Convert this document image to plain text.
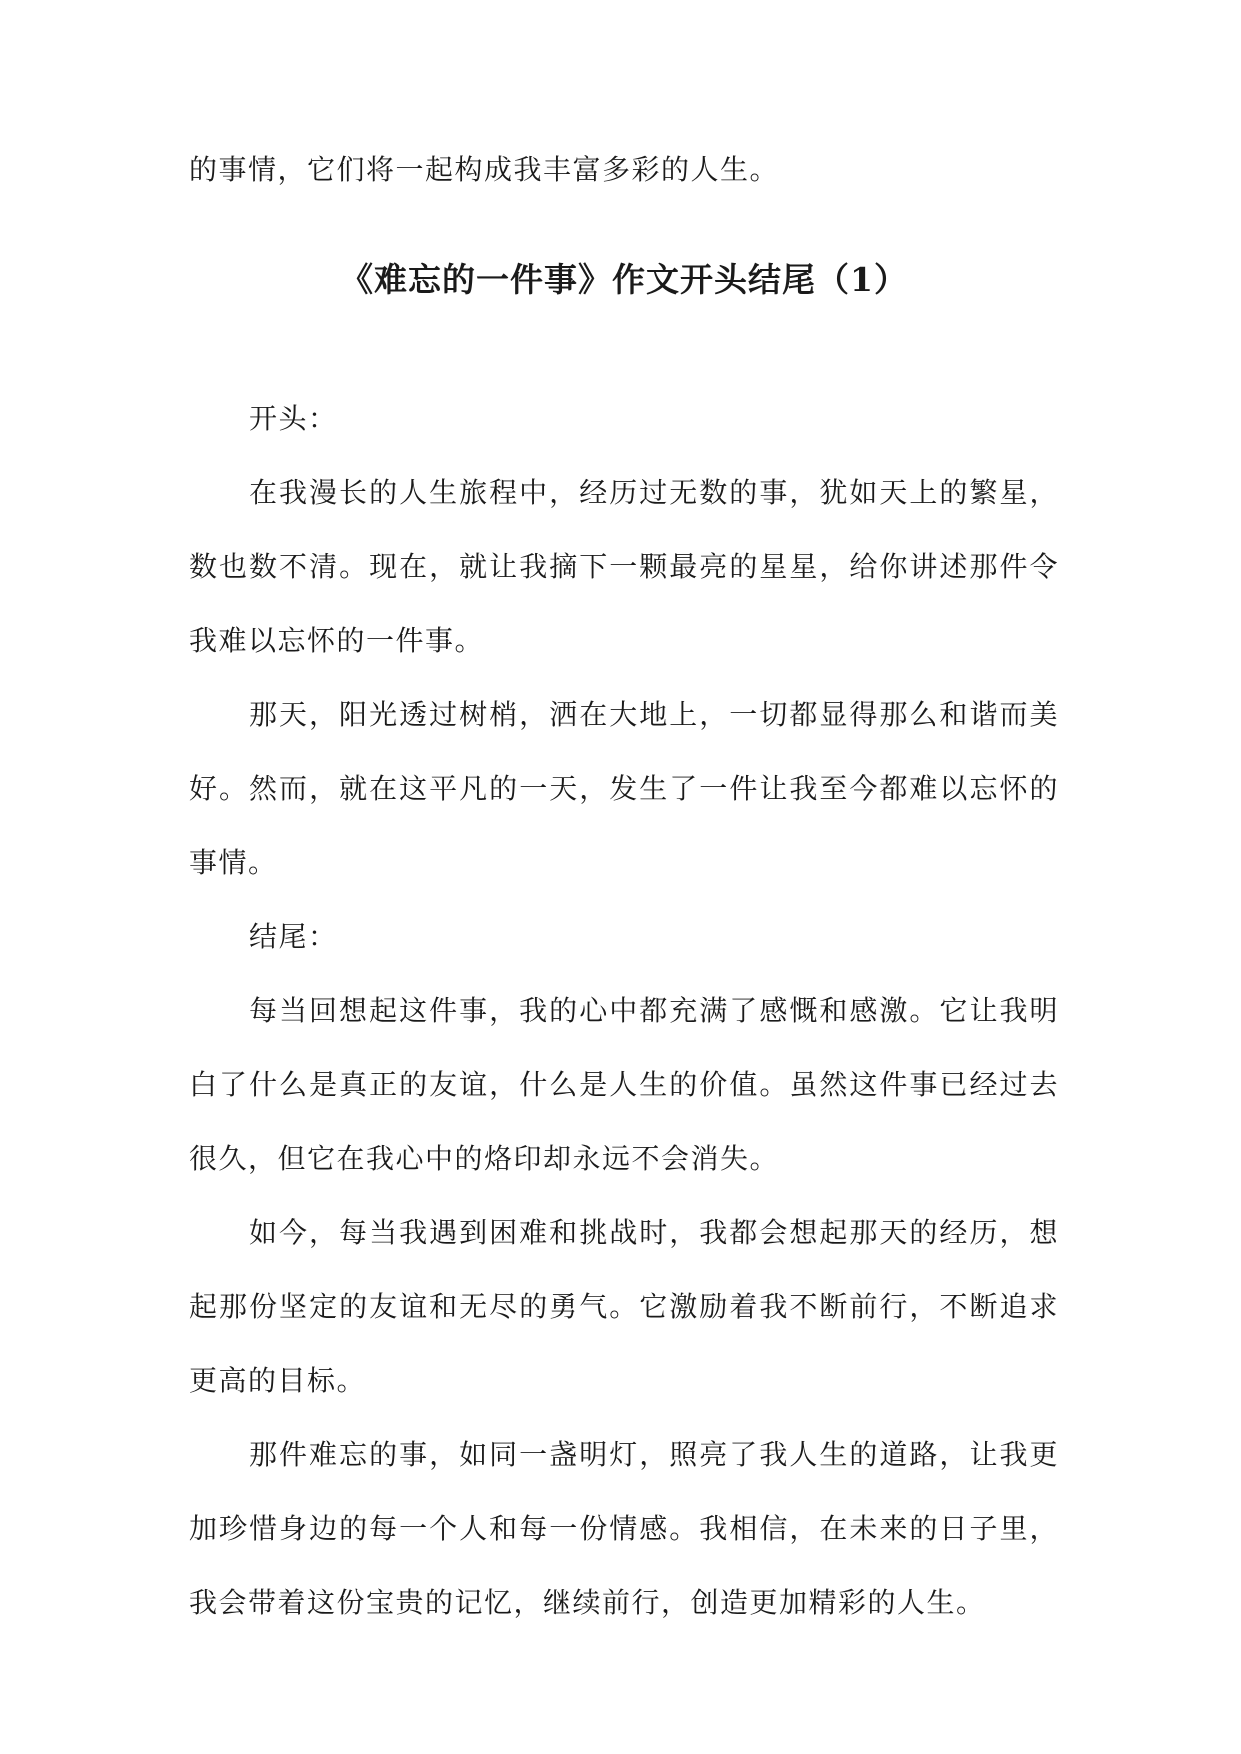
的事情，它们将一起构成我丰富多彩的人生。

《难忘的一件事》作文开头结尾（1）

开头：

在我漫长的人生旅程中，经历过无数的事，犹如天上的繁星，数也数不清。现在，就让我摘下一颗最亮的星星，给你讲述那件令我难以忘怀的一件事。

那天，阳光透过树梢，洒在大地上，一切都显得那么和谐而美好。然而，就在这平凡的一天，发生了一件让我至今都难以忘怀的事情。

结尾：

每当回想起这件事，我的心中都充满了感慨和感激。它让我明白了什么是真正的友谊，什么是人生的价值。虽然这件事已经过去很久，但它在我心中的烙印却永远不会消失。

如今，每当我遇到困难和挑战时，我都会想起那天的经历，想起那份坚定的友谊和无尽的勇气。它激励着我不断前行，不断追求更高的目标。

那件难忘的事，如同一盏明灯，照亮了我人生的道路，让我更加珍惜身边的每一个人和每一份情感。我相信，在未来的日子里，我会带着这份宝贵的记忆，继续前行，创造更加精彩的人生。
